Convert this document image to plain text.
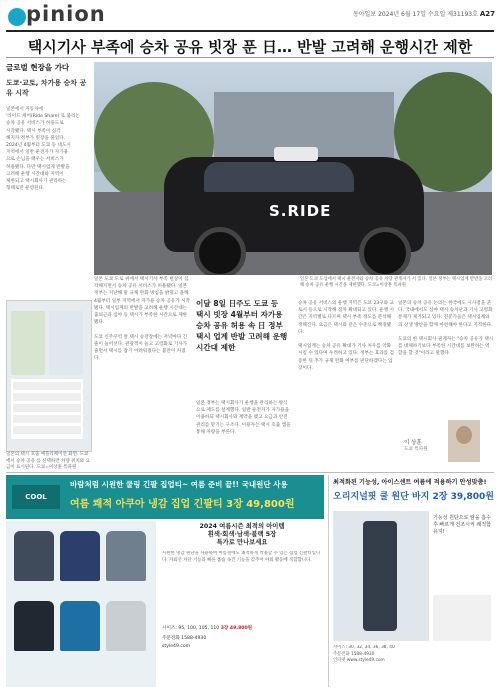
pinion	동아일보 2024년 6월 17일 수요일 제31193호 A27
택시기사 부족에 승차 공유 빗장 푼 日… 반발 고려해 운행시간 제한
글로벌 현장을 가다
도쿄·교토, 차가용 승차 공유 시작
일본에서 자동차에
'라이드 셰어(Ride Share)'로 불리는
승차 공유 서비스가 허용도로
시작됐다. 택시 부족이 심각
해지자 정부가 빗장을 풀었다.
2024년 4월부터 도쿄 등 대도시
지역에서 일반 운전자가 자가용
으로 손님을 태우는 서비스가
허용됐다. 다만 택시업계 반발을
고려해 운행 시간대와 지역이
제한되고 택시회사가 관리하는
형태로만 운영된다.
일본의 택시 호출 애플리케이션 화면. 도쿄에서 승차 공유 를 선택하면 차량 위치와 요금이 표시된다. 도쿄=이상훈 특파원
S.RIDE
일본 도쿄 도심에서 택시 운전자와 승차 공유 차량 관계자가 서 있다. 일본 정부는 택시업계 반발을 고려해 승차 공유 운행 시간을 제한했다. 도쿄=이상훈 특파원
일본 도쿄 도로 위에서 택시기사 부족 현상이 심각해지면서 승차 공유 서비스가 허용됐다. 일본 정부는 지난해 말 규제 완화 방침을 밝혔고 올해 4월부터 일부 지역에서 자가용 승차 공유가 시작됐다. 택시업계의 반발을 고려해 운행 시간대는 출퇴근과 심야 등 택시가 부족한 시간으로 제한됐다.

도쿄 신주쿠역 앞 택시 승강장에는 저녁마다 긴 줄이 늘어선다. 관광객이 늘고 고령화로 기사가 줄면서 택시를 잡기 어려워졌다는 불만이 커졌다.
이달 8일 日주도 도쿄 등 택시 빗장 4월부터 자가용 승차 공유 허용 속 日 정부 택시 업계 반발 고려해 운행 시간대 제한
일본 정부는 택시회사가 운행을 관리하는 방식으로 제도를 설계했다. 일반 운전자가 자가용을 이용하되 택시회사와 계약을 맺고 요금과 안전 관리를 맡기는 구조다. 이용자는 택시 호출 앱을 통해 차량을 부른다.
승차 공유 서비스의 운행 지역은 도쿄 23구와 교토시 등으로 시작해 점차 확대되고 있다. 운행 시간은 지역별로 다르며 택시 부족 정도를 분석해 정해진다. 요금은 택시와 같은 수준으로 책정됐다.

택시업계는 승차 공유 확대가 기사 처우를 악화시킬 수 있다며 우려하고 있다. 정부는 효과를 검증한 뒤 추가 규제 완화 여부를 판단하겠다는 입장이다.
일본의 승차 공유 논의는 한국에도 시사점을 준다. 국내에서도 심야 택시 승차난과 기사 고령화 문제가 제기되고 있다. 전문가들은 택시업계와의 상생 방안을 함께 마련해야 한다고 지적한다.

도쿄의 한 택시회사 관계자는 "승차 공유가 택시를 대체하기보다 부족한 시간대를 보완하는 역할을 할 것"이라고 말했다.
이 상훈
도쿄 특파원
COOL
바람처럼 시원한 쿨링 긴팔 집업티~ 여름 준비 끝!! 국내원단 사용
여름 쾌적 아쿠아 냉감 집업 긴팔티 3장 49,800원
2024 여름시즌 최적의 아이템
흰색·회색·남색·블랙 5장
특가로 만나보세요
시원한 냉감 원단을 사용하여 여름철에도 쾌적하게 착용할 수 있는 집업 긴팔티입니다. 자외선 차단 기능과 빠른 흡습 속건 기능을 갖추어 야외 활동에 적합합니다.
사이즈: 95, 100, 105, 110 3장 49,800원
주문전화 1588-4930
style49.com
최적화된 기능성, 아이스센트 여름에 적용하기 안성맞춤!
오리지널핏 쿨 원단 바지 2장 39,800원
기능성 원단으로 땀을 흡수 후 빠르게 건조시켜 쾌적함 유지!
사이즈: 30, 32, 34, 36, 38, 40
주문전화 1588-4930
인터넷 www.style49.com
